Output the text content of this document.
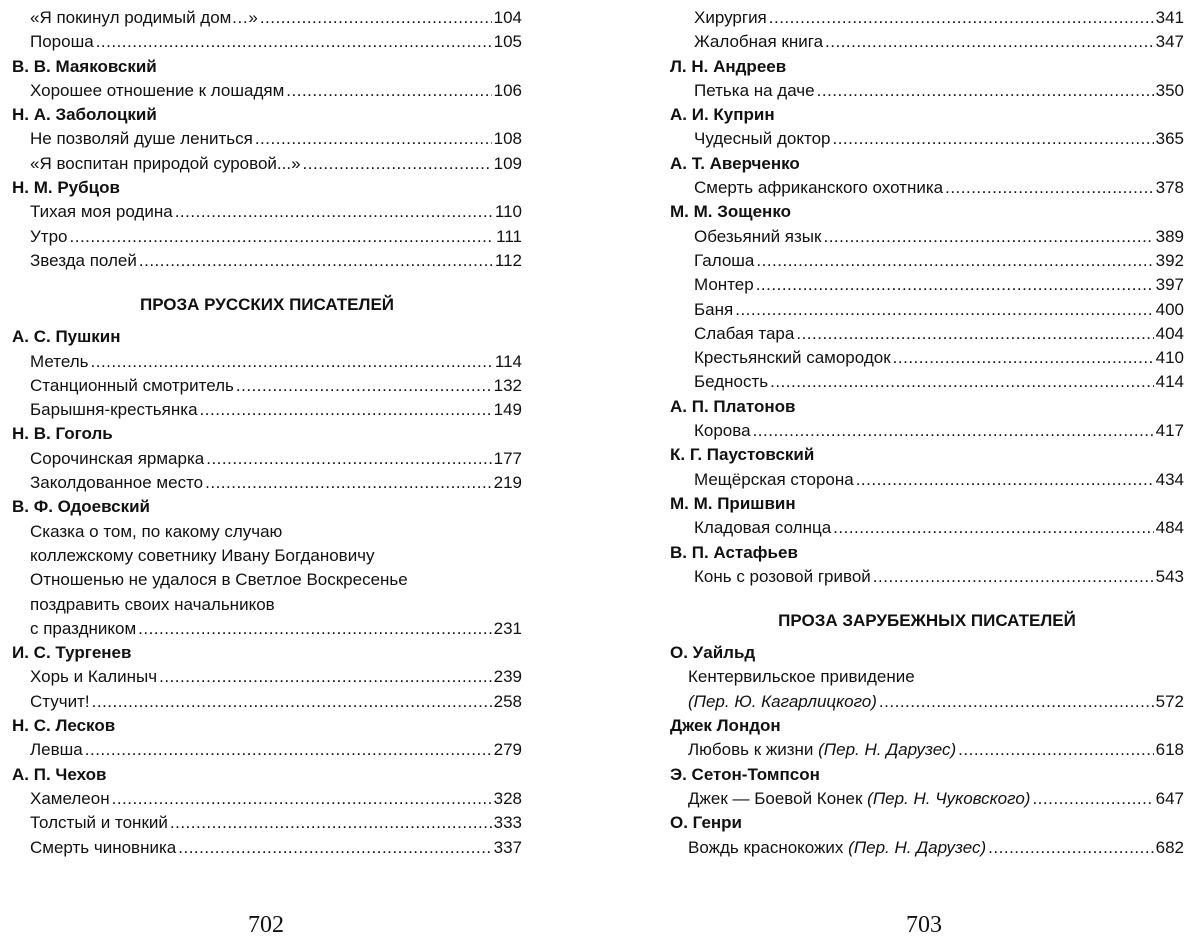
«Я покинул родимый дом…» .....	104
Пороша .....	105
В. В. Маяковский
Хорошее отношение к лошадям .....	106
Н. А. Заболоцкий
Не позволяй душе лениться .....	108
«Я воспитан природой суровой...» .....	109
Н. М. Рубцов
Тихая моя родина .....	110
Утро .....	111
Звезда полей .....	112
ПРОЗА РУССКИХ ПИСАТЕЛЕЙ
А. С. Пушкин
Метель .....	114
Станционный смотритель .....	132
Барышня-крестьянка .....	149
Н. В. Гоголь
Сорочинская ярмарка .....	177
Заколдованное место .....	219
В. Ф. Одоевский
Сказка о том, по какому случаю
коллежскому советнику Ивану Богдановичу
Отношенью не удалося в Светлое Воскресенье
поздравить своих начальников
с праздником .....	231
И. С. Тургенев
Хорь и Калиныч .....	239
Стучит! .....	258
Н. С. Лесков
Левша .....	279
А. П. Чехов
Хамелеон .....	328
Толстый и тонкий .....	333
Смерть чиновника .....	337
Хирургия .....	341
Жалобная книга .....	347
Л. Н. Андреев
Петька на даче .....	350
А. И. Куприн
Чудесный доктор .....	365
А. Т. Аверченко
Смерть африканского охотника .....	378
М. М. Зощенко
Обезьяний язык .....	389
Галоша .....	392
Монтер .....	397
Баня .....	400
Слабая тара .....	404
Крестьянский самородок .....	410
Бедность .....	414
А. П. Платонов
Корова .....	417
К. Г. Паустовский
Мещёрская сторона .....	434
М. М. Пришвин
Кладовая солнца .....	484
В. П. Астафьев
Конь с розовой гривой .....	543
ПРОЗА ЗАРУБЕЖНЫХ ПИСАТЕЛЕЙ
О. Уайльд
Кентервильское привидение
(Пер. Ю. Кагарлицкого) .....	572
Джек Лондон
Любовь к жизни (Пер. Н. Дарузес) .....	618
Э. Сетон-Томпсон
Джек — Боевой Конек (Пер. Н. Чуковского) .....	647
О. Генри
Вождь краснокожих (Пер. Н. Дарузес) .....	682
702	703
